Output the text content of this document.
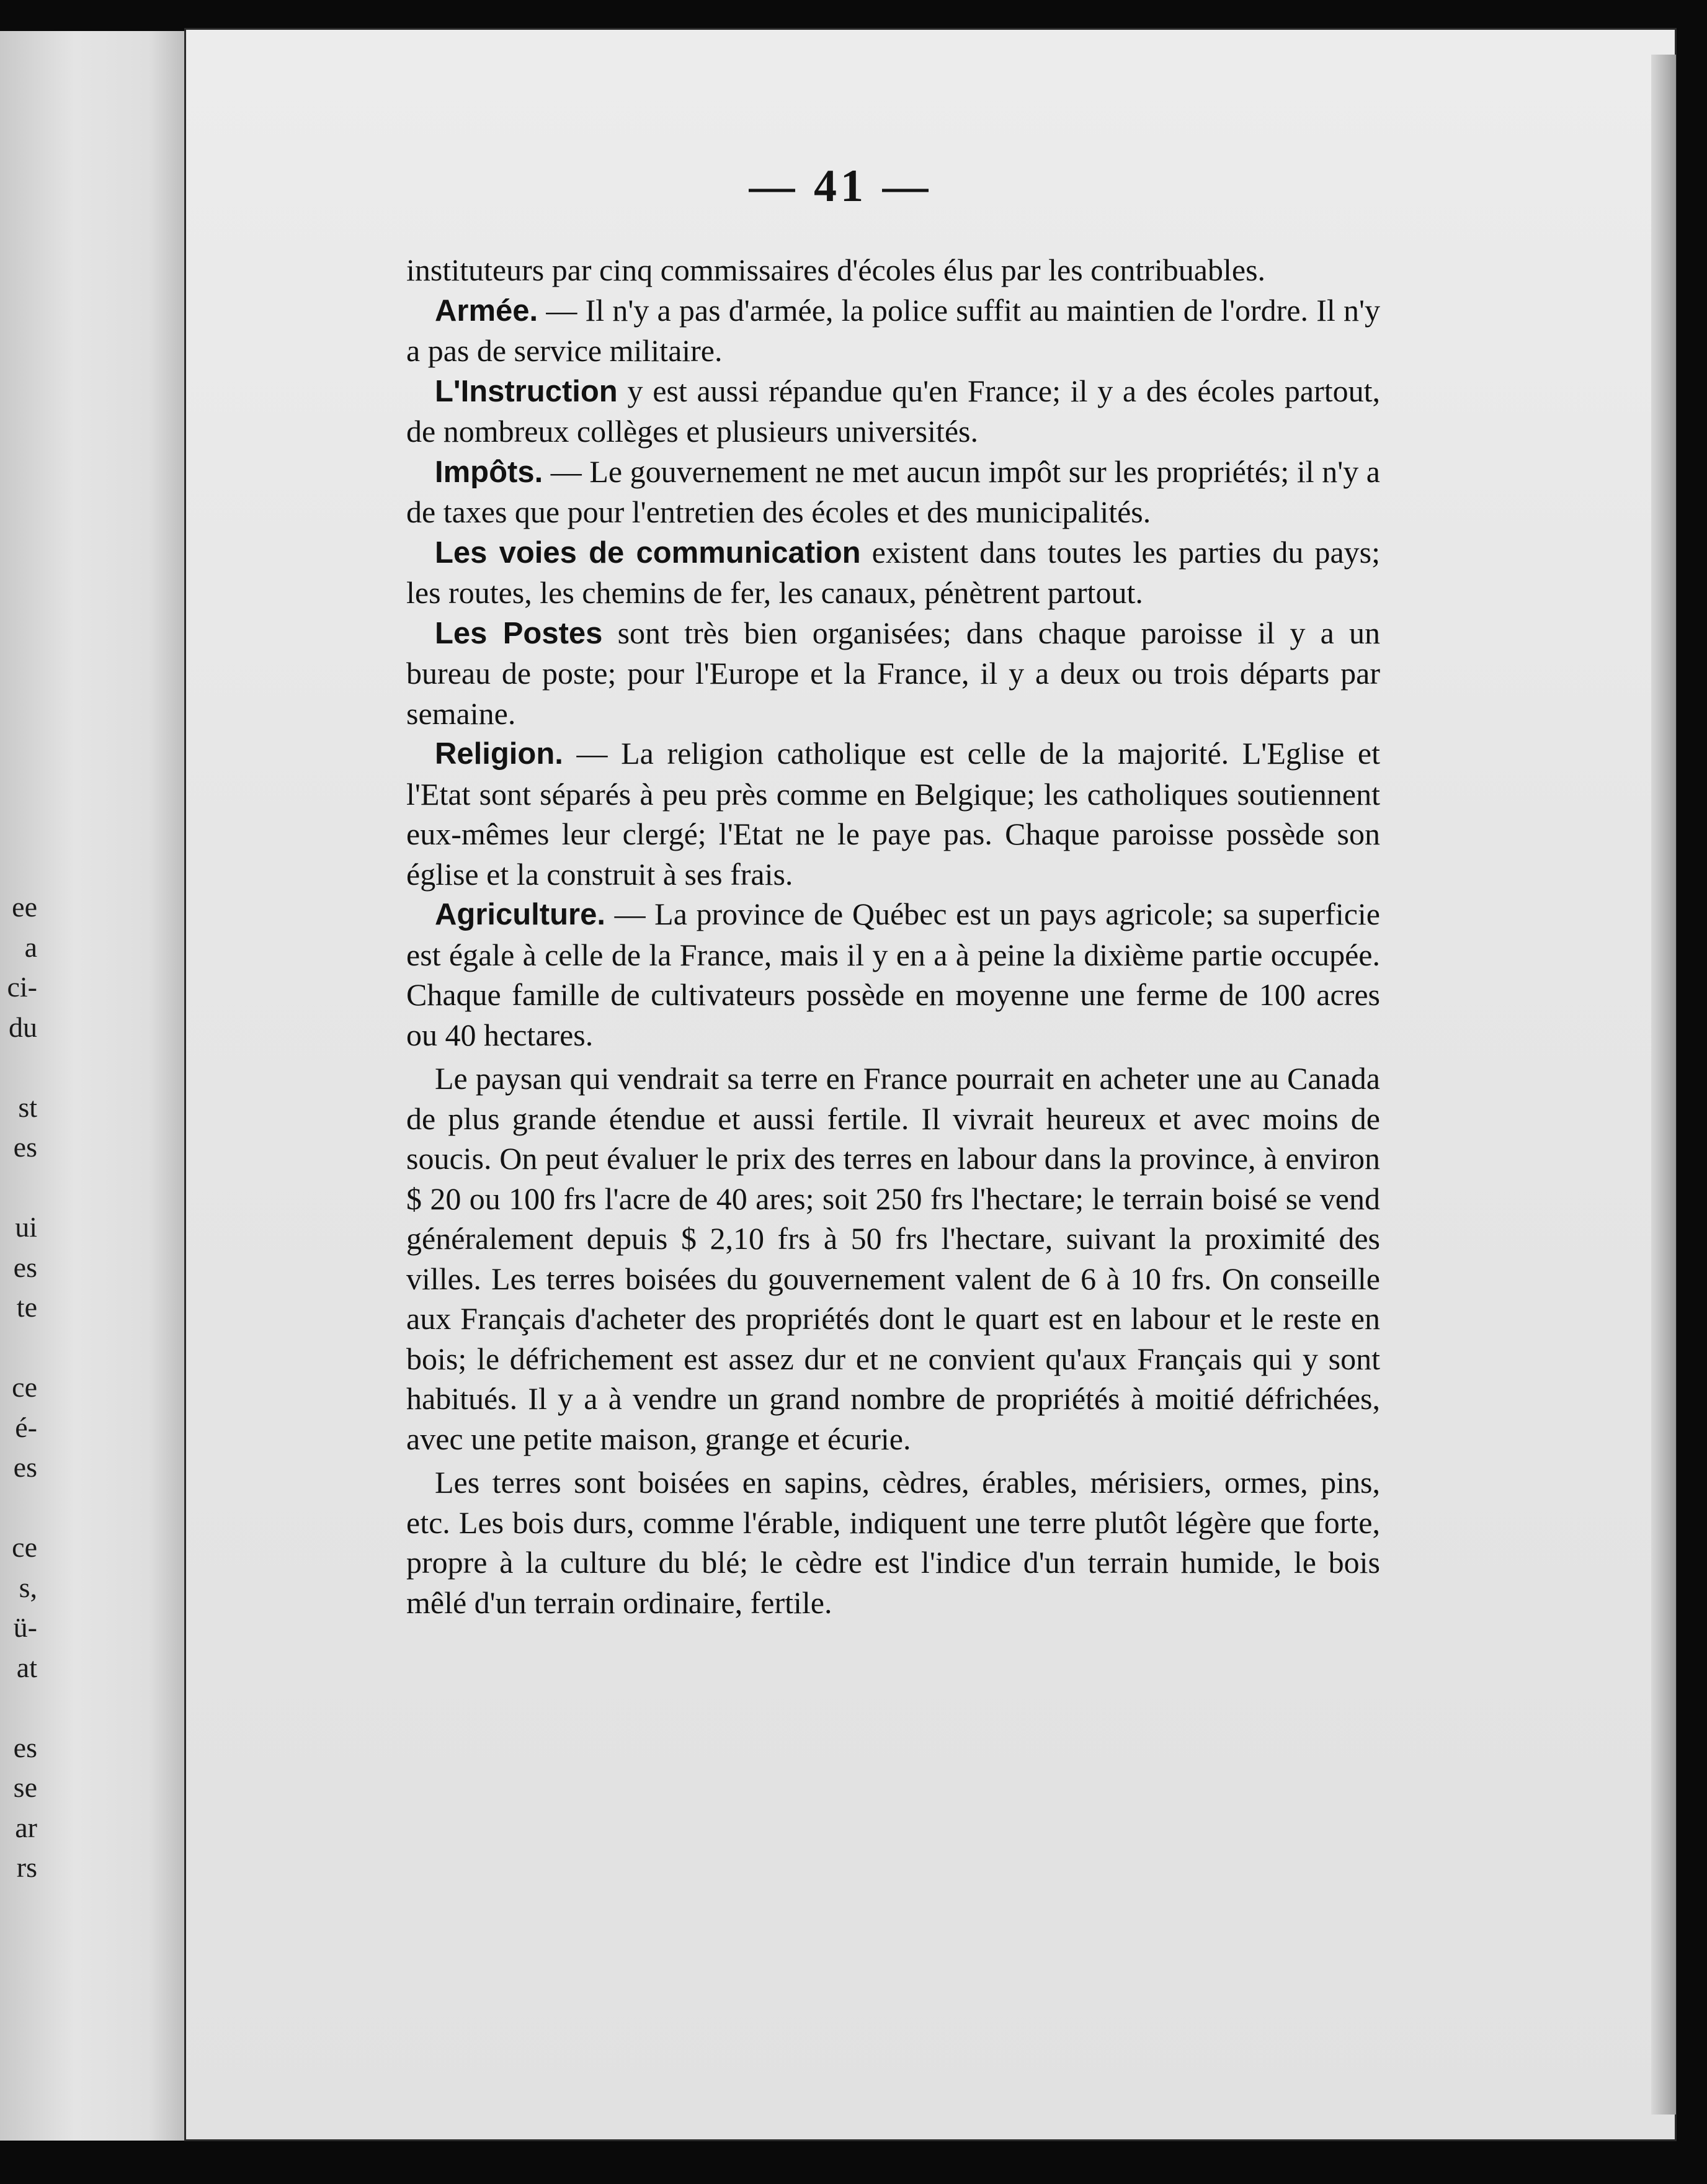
ee
a
ci-
du
st
es
ui
es
te
ce
é-
es
ce
s,
ü-
at
es
se
ar
rs
— 41 —

instituteurs par cinq commissaires d'écoles élus par les contribuables.

Armée. — Il n'y a pas d'armée, la police suffit au maintien de l'ordre. Il n'y a pas de service militaire.

L'Instruction y est aussi répandue qu'en France; il y a des écoles partout, de nombreux collèges et plusieurs universités.

Impôts. — Le gouvernement ne met aucun impôt sur les propriétés; il n'y a de taxes que pour l'entretien des écoles et des municipalités.

Les voies de communication existent dans toutes les parties du pays; les routes, les chemins de fer, les canaux, pénètrent partout.

Les Postes sont très bien organisées; dans chaque paroisse il y a un bureau de poste; pour l'Europe et la France, il y a deux ou trois départs par semaine.

Religion. — La religion catholique est celle de la majorité. L'Eglise et l'Etat sont séparés à peu près comme en Belgique; les catholiques soutiennent eux-mêmes leur clergé; l'Etat ne le paye pas. Chaque paroisse possède son église et la construit à ses frais.

Agriculture. — La province de Québec est un pays agricole; sa superficie est égale à celle de la France, mais il y en a à peine la dixième partie occupée. Chaque famille de cultivateurs possède en moyenne une ferme de 100 acres ou 40 hectares.

Le paysan qui vendrait sa terre en France pourrait en acheter une au Canada de plus grande étendue et aussi fertile. Il vivrait heureux et avec moins de soucis. On peut évaluer le prix des terres en labour dans la province, à environ $ 20 ou 100 frs l'acre de 40 ares; soit 250 frs l'hectare; le terrain boisé se vend généralement depuis $ 2,10 frs à 50 frs l'hectare, suivant la proximité des villes. Les terres boisées du gouvernement valent de 6 à 10 frs. On conseille aux Français d'acheter des propriétés dont le quart est en labour et le reste en bois; le défrichement est assez dur et ne convient qu'aux Français qui y sont habitués. Il y a à vendre un grand nombre de propriétés à moitié défrichées, avec une petite maison, grange et écurie.

Les terres sont boisées en sapins, cèdres, érables, mérisiers, ormes, pins, etc. Les bois durs, comme l'érable, indiquent une terre plutôt légère que forte, propre à la culture du blé; le cèdre est l'indice d'un terrain humide, le bois mêlé d'un terrain ordinaire, fertile.
